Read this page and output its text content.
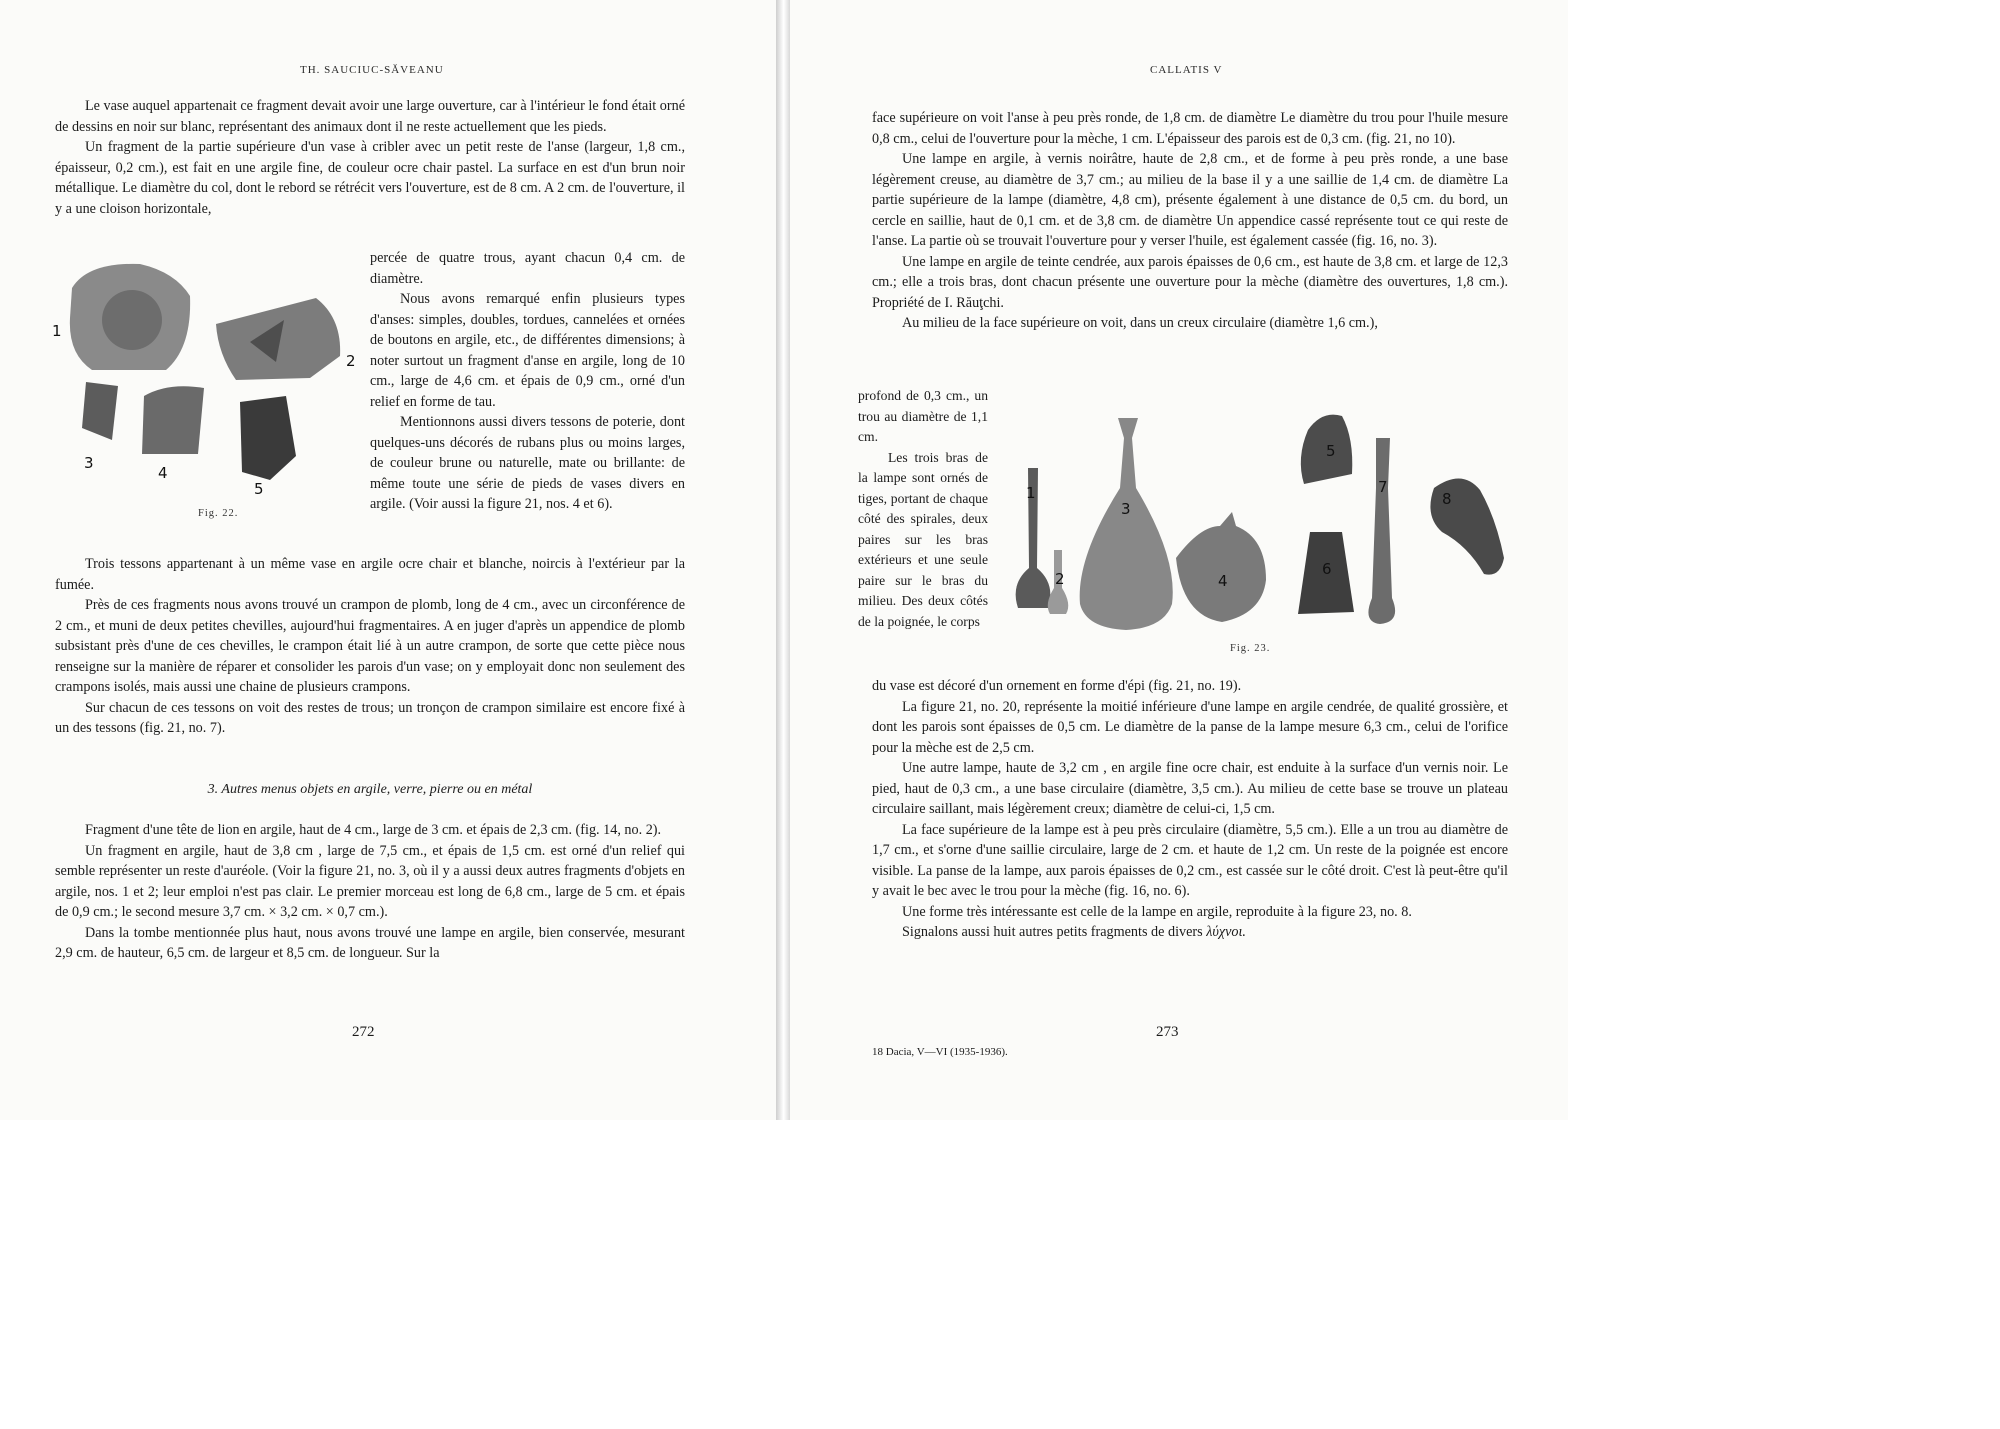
TH. SAUCIUC-SĂVEANU

Le vase auquel appartenait ce fragment devait avoir une large ouverture, car à l'intérieur le fond était orné de dessins en noir sur blanc, représentant des animaux dont il ne reste actuellement que les pieds.

Un fragment de la partie supérieure d'un vase à cribler avec un petit reste de l'anse (largeur, 1,8 cm., épaisseur, 0,2 cm.), est fait en une argile fine, de couleur ocre chair pastel. La surface en est d'un brun noir métallique. Le diamètre du col, dont le rebord se rétrécit vers l'ouverture, est de 8 cm. A 2 cm. de l'ouverture, il y a une cloison horizontale,

1
2
3
4
5
Fig. 22.

percée de quatre trous, ayant chacun 0,4 cm. de diamètre.

Nous avons remarqué enfin plusieurs types d'anses: simples, doubles, tordues, cannelées et ornées de boutons en argile, etc., de différentes dimensions; à noter surtout un fragment d'anse en argile, long de 10 cm., large de 4,6 cm. et épais de 0,9 cm., orné d'un relief en forme de tau.

Mentionnons aussi divers tessons de poterie, dont quelques-uns décorés de rubans plus ou moins larges, de couleur brune ou naturelle, mate ou brillante: de même toute une série de pieds de vases divers en argile. (Voir aussi la figure 21, nos. 4 et 6).

Trois tessons appartenant à un même vase en argile ocre chair et blanche, noircis à l'extérieur par la fumée.

Près de ces fragments nous avons trouvé un crampon de plomb, long de 4 cm., avec un circonférence de 2 cm., et muni de deux petites chevilles, aujourd'hui fragmentaires. A en juger d'après un appendice de plomb subsistant près d'une de ces chevilles, le crampon était lié à un autre crampon, de sorte que cette pièce nous renseigne sur la manière de réparer et consolider les parois d'un vase; on y employait donc non seulement des crampons isolés, mais aussi une chaine de plusieurs crampons.

Sur chacun de ces tessons on voit des restes de trous; un tronçon de crampon similaire est encore fixé à un des tessons (fig. 21, no. 7).

3. Autres menus objets en argile, verre, pierre ou en métal

Fragment d'une tête de lion en argile, haut de 4 cm., large de 3 cm. et épais de 2,3 cm. (fig. 14, no. 2).

Un fragment en argile, haut de 3,8 cm , large de 7,5 cm., et épais de 1,5 cm. est orné d'un relief qui semble représenter un reste d'auréole. (Voir la figure 21, no. 3, où il y a aussi deux autres fragments d'objets en argile, nos. 1 et 2; leur emploi n'est pas clair. Le premier morceau est long de 6,8 cm., large de 5 cm. et épais de 0,9 cm.; le second mesure 3,7 cm. × 3,2 cm. × 0,7 cm.).

Dans la tombe mentionnée plus haut, nous avons trouvé une lampe en argile, bien conservée, mesurant 2,9 cm. de hauteur, 6,5 cm. de largeur et 8,5 cm. de longueur. Sur la

272
CALLATIS V

face supérieure on voit l'anse à peu près ronde, de 1,8 cm. de diamètre Le diamètre du trou pour l'huile mesure 0,8 cm., celui de l'ouverture pour la mèche, 1 cm. L'épaisseur des parois est de 0,3 cm. (fig. 21, no 10).

Une lampe en argile, à vernis noirâtre, haute de 2,8 cm., et de forme à peu près ronde, a une base légèrement creuse, au diamètre de 3,7 cm.; au milieu de la base il y a une saillie de 1,4 cm. de diamètre La partie supérieure de la lampe (diamètre, 4,8 cm), présente également à une distance de 0,5 cm. du bord, un cercle en saillie, haut de 0,1 cm. et de 3,8 cm. de diamètre Un appendice cassé représente tout ce qui reste de l'anse. La partie où se trouvait l'ouverture pour y verser l'huile, est également cassée (fig. 16, no. 3).

Une lampe en argile de teinte cendrée, aux parois épaisses de 0,6 cm., est haute de 3,8 cm. et large de 12,3 cm.; elle a trois bras, dont chacun présente une ouverture pour la mèche (diamètre des ouvertures, 1,8 cm.). Propriété de I. Răuţchi.

Au milieu de la face supérieure on voit, dans un creux circulaire (diamètre 1,6 cm.),

profond de 0,3 cm., un trou au diamètre de 1,1 cm.

Les trois bras de la lampe sont ornés de tiges, portant de chaque côté des spirales, deux paires sur les bras extérieurs et une seule paire sur le bras du milieu. Des deux côtés de la poignée, le corps

1
2
3
4
5
6
7
8
Fig. 23.

du vase est décoré d'un ornement en forme d'épi (fig. 21, no. 19).

La figure 21, no. 20, représente la moitié inférieure d'une lampe en argile cendrée, de qualité grossière, et dont les parois sont épaisses de 0,5 cm. Le diamètre de la panse de la lampe mesure 6,3 cm., celui de l'orifice pour la mèche est de 2,5 cm.

Une autre lampe, haute de 3,2 cm , en argile fine ocre chair, est enduite à la surface d'un vernis noir. Le pied, haut de 0,3 cm., a une base circulaire (diamètre, 3,5 cm.). Au milieu de cette base se trouve un plateau circulaire saillant, mais légèrement creux; diamètre de celui-ci, 1,5 cm.

La face supérieure de la lampe est à peu près circulaire (diamètre, 5,5 cm.). Elle a un trou au diamètre de 1,7 cm., et s'orne d'une saillie circulaire, large de 2 cm. et haute de 1,2 cm. Un reste de la poignée est encore visible. La panse de la lampe, aux parois épaisses de 0,2 cm., est cassée sur le côté droit. C'est là peut-être qu'il y avait le bec avec le trou pour la mèche (fig. 16, no. 6).

Une forme très intéressante est celle de la lampe en argile, reproduite à la figure 23, no. 8.

Signalons aussi huit autres petits fragments de divers λύχνοι.

273
18 Dacia, V—VI (1935-1936).
